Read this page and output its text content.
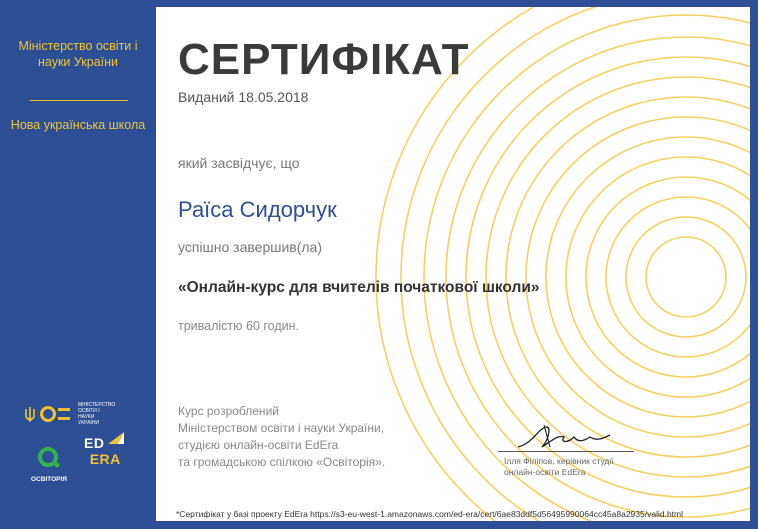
Міністерство освіти і науки України
Нова українська школа
МІНІСТЕРСТВО ОСВІТИ І НАУКИ УКРАЇНИ
ОСВІТОРІЯ
ED
ERA
СЕРТИФІКАТ
Виданий 18.05.2018
який засвідчує, що
Раїса Сидорчук
успішно завершив(ла)
«Онлайн-курс для вчителів початкової школи»
тривалістю 60 годин.
Курс розроблений
Міністерством освіти і науки України,
студією онлайн-освіти EdEra
та громадською спілкою «Освіторія».	Ілля Філіпов, керівник студії
онлайн-освіти EdEra
*Сертифікат у базі проекту EdEra https://s3-eu-west-1.amazonaws.com/ed-era/cert/6ae83ddf5d56495990064cc45a8a2935/valid.html
